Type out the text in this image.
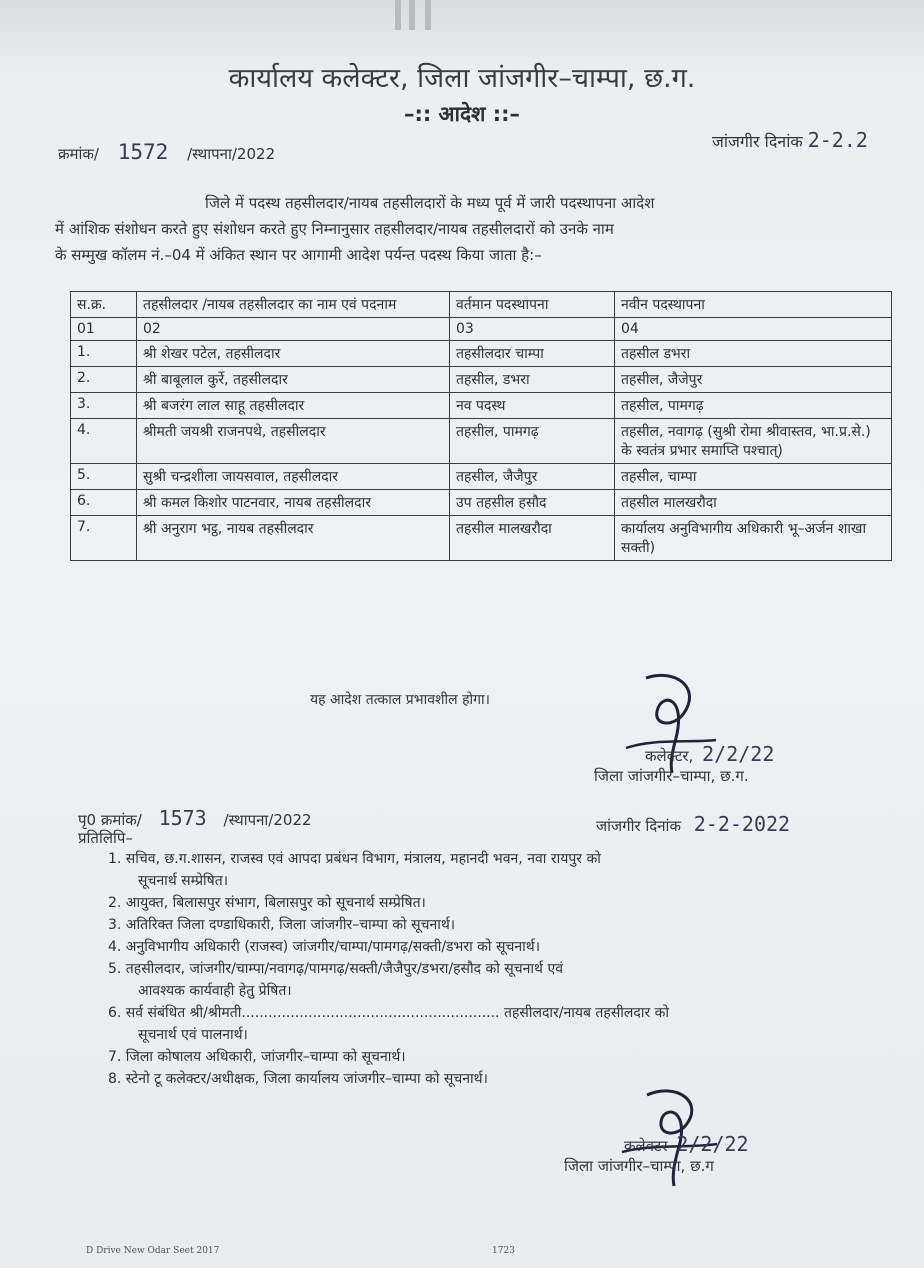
कार्यालय कलेक्टर, जिला जांजगीर–चाम्पा, छ.ग.
–:: आदेश ::–
क्रमांक/ 1572 /स्थापना/2022
जांजगीर दिनांक 2-2.2
जिले में पदस्थ तहसीलदार/नायब तहसीलदारों के मध्य पूर्व में जारी पदस्थापना आदेश
में आंशिक संशोधन करते हुए संशोधन करते हुए निम्नानुसार तहसीलदार/नायब तहसीलदारों को उनके नाम
के सम्मुख कॉलम नं.–04 में अंकित स्थान पर आगामी आदेश पर्यन्त पदस्थ किया जाता है:–
स.क्र.	तहसीलदार /नायब तहसीलदार का नाम एवं पदनाम	वर्तमान पदस्थापना	नवीन पदस्थापना
01	02	03	04
1.	श्री शेखर पटेल, तहसीलदार	तहसीलदार चाम्पा	तहसील डभरा
2.	श्री बाबूलाल कुर्रे, तहसीलदार	तहसील, डभरा	तहसील, जैजेपुर
3.	श्री बजरंग लाल साहू तहसीलदार	नव पदस्थ	तहसील, पामगढ़
4.	श्रीमती जयश्री राजनपथे, तहसीलदार	तहसील, पामगढ़	तहसील, नवागढ़ (सुश्री रोमा श्रीवास्तव, भा.प्र.से.) के स्वतंत्र प्रभार समाप्ति पश्चात्)
5.	सुश्री चन्द्रशीला जायसवाल, तहसीलदार	तहसील, जैजैपुर	तहसील, चाम्पा
6.	श्री कमल किशोर पाटनवार, नायब तहसीलदार	उप तहसील हसौद	तहसील मालखरौदा
7.	श्री अनुराग भट्ठ, नायब तहसीलदार	तहसील मालखरौदा	कार्यालय अनुविभागीय अधिकारी भू–अर्जन शाखा सक्ती)
यह आदेश तत्काल प्रभावशील होगा।
कलेक्टर, 2/2/22
जिला जांजगीर–चाम्पा, छ.ग.
पृ0 क्रमांक/ 1573 /स्थापना/2022	जांजगीर दिनांक 2-2-2022
प्रतिलिपि–
1. सचिव, छ.ग.शासन, राजस्व एवं आपदा प्रबंधन विभाग, मंत्रालय, महानदी भवन, नवा रायपुर को
सूचनार्थ सम्प्रेषित।
2. आयुक्त, बिलासपुर संभाग, बिलासपुर को सूचनार्थ सम्प्रेषित।
3. अतिरिक्त जिला दण्डाधिकारी, जिला जांजगीर–चाम्पा को सूचनार्थ।
4. अनुविभागीय अधिकारी (राजस्व) जांजगीर/चाम्पा/पामगढ़/सक्ती/डभरा को सूचनार्थ।
5. तहसीलदार, जांजगीर/चाम्पा/नवागढ़/पामगढ़/सक्ती/जैजैपुर/डभरा/हसौद को सूचनार्थ एवं
आवश्यक कार्यवाही हेतु प्रेषित।
6. सर्व संबंधित श्री/श्रीमती.......................................................... तहसीलदार/नायब तहसीलदार को
सूचनार्थ एवं पालनार्थ।
7. जिला कोषालय अधिकारी, जांजगीर–चाम्पा को सूचनार्थ।
8. स्टेनो टू कलेक्टर/अधीक्षक, जिला कार्यालय जांजगीर–चाम्पा को सूचनार्थ।
कलेक्टर 2/2/22
जिला जांजगीर–चाम्पा, छ.ग
D Drive New Odar Seet 2017	1723
